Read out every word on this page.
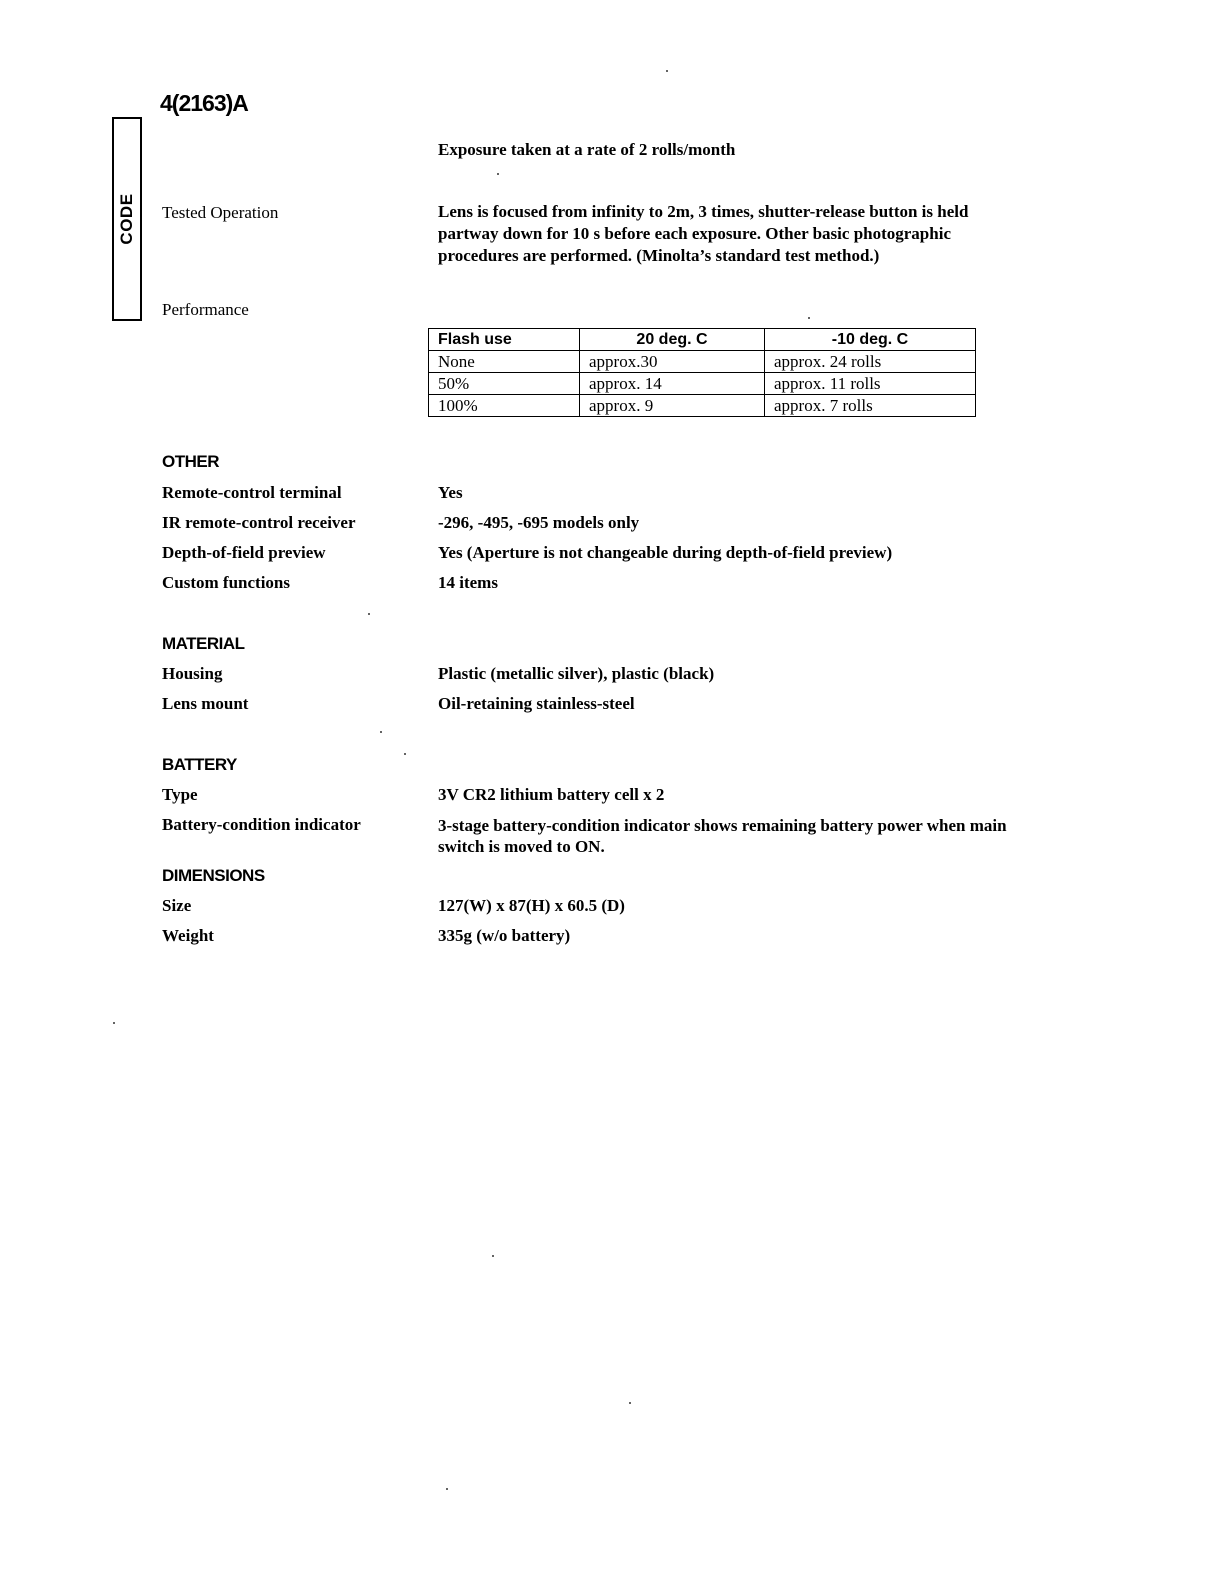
CODE
4(2163)A
Exposure taken at a rate of 2 rolls/month
Tested Operation	Lens is focused from infinity to 2m, 3 times, shutter-release button is held partway down for 10 s before each exposure. Other basic photographic procedures are performed. (Minolta’s standard test method.)
Performance
Flash use	20 deg. C	-10 deg. C
None	approx.30	approx. 24 rolls
50%	approx. 14	approx. 11 rolls
100%	approx. 9	approx. 7 rolls
OTHER
Remote-control terminal	Yes
IR remote-control receiver	-296, -495, -695 models only
Depth-of-field preview	Yes (Aperture is not changeable during depth-of-field preview)
Custom functions	14 items
MATERIAL
Housing	Plastic (metallic silver), plastic (black)
Lens mount	Oil-retaining stainless-steel
BATTERY
Type	3V CR2 lithium battery cell x 2
Battery-condition indicator	3-stage battery-condition indicator shows remaining battery power when main switch is moved to ON.
DIMENSIONS
Size	127(W) x 87(H) x 60.5 (D)
Weight	335g (w/o battery)
